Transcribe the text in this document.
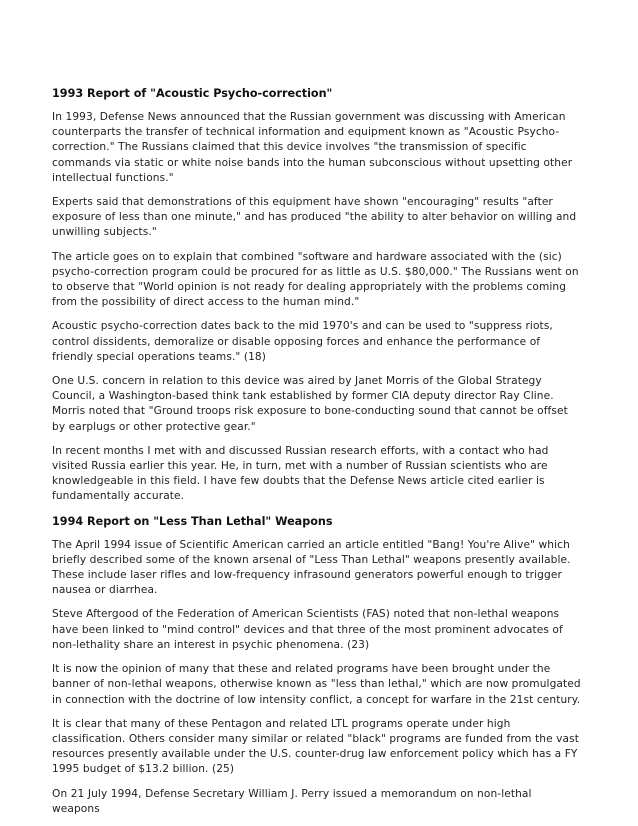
1993 Report of "Acoustic Psycho-correction"

In 1993, Defense News announced that the Russian government was discussing with American counterparts the transfer of technical information and equipment known as "Acoustic Psycho-correction." The Russians claimed that this device involves "the transmission of specific commands via static or white noise bands into the human subconscious without upsetting other intellectual functions."

Experts said that demonstrations of this equipment have shown "encouraging" results "after exposure of less than one minute," and has produced "the ability to alter behavior on willing and unwilling subjects."

The article goes on to explain that combined "software and hardware associated with the (sic) psycho-correction program could be procured for as little as U.S. $80,000." The Russians went on to observe that "World opinion is not ready for dealing appropriately with the problems coming from the possibility of direct access to the human mind."

Acoustic psycho-correction dates back to the mid 1970's and can be used to "suppress riots, control dissidents, demoralize or disable opposing forces and enhance the performance of friendly special operations teams." (18)

One U.S. concern in relation to this device was aired by Janet Morris of the Global Strategy Council, a Washington-based think tank established by former CIA deputy director Ray Cline. Morris noted that "Ground troops risk exposure to bone-conducting sound that cannot be offset by earplugs or other protective gear."

In recent months I met with and discussed Russian research efforts, with a contact who had visited Russia earlier this year. He, in turn, met with a number of Russian scientists who are knowledgeable in this field. I have few doubts that the Defense News article cited earlier is fundamentally accurate.

1994 Report on "Less Than Lethal" Weapons

The April 1994 issue of Scientific American carried an article entitled "Bang! You're Alive" which briefly described some of the known arsenal of "Less Than Lethal" weapons presently available. These include laser rifles and low-frequency infrasound generators powerful enough to trigger nausea or diarrhea.

Steve Aftergood of the Federation of American Scientists (FAS) noted that non-lethal weapons have been linked to "mind control" devices and that three of the most prominent advocates of non-lethality share an interest in psychic phenomena. (23)

It is now the opinion of many that these and related programs have been brought under the banner of non-lethal weapons, otherwise known as "less than lethal," which are now promulgated in connection with the doctrine of low intensity conflict, a concept for warfare in the 21st century.

It is clear that many of these Pentagon and related LTL programs operate under high classification. Others consider many similar or related "black" programs are funded from the vast resources presently available under the U.S. counter-drug law enforcement policy which has a FY 1995 budget of $13.2 billion. (25)

On 21 July 1994, Defense Secretary William J. Perry issued a memorandum on non-lethal weapons
